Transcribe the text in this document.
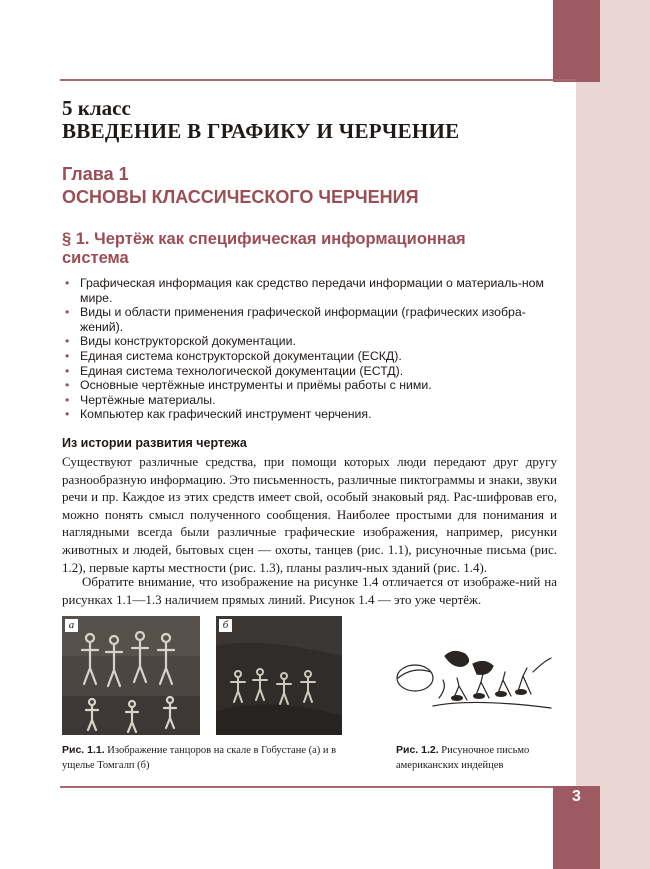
5 класс
ВВЕДЕНИЕ В ГРАФИКУ И ЧЕРЧЕНИЕ
Глава 1
ОСНОВЫ КЛАССИЧЕСКОГО ЧЕРЧЕНИЯ
§ 1. Чертёж как специфическая информационная система
• Графическая информация как средство передачи информации о материаль-ном мире.
• Виды и области применения графической информации (графических изобра-жений).
• Виды конструкторской документации.
• Единая система конструкторской документации (ЕСКД).
• Единая система технологической документации (ЕСТД).
• Основные чертёжные инструменты и приёмы работы с ними.
• Чертёжные материалы.
• Компьютер как графический инструмент черчения.
Из истории развития чертежа

Существуют различные средства, при помощи которых люди передают друг другу разнообразную информацию. Это письменность, различные пиктограммы и знаки, звуки речи и пр. Каждое из этих средств имеет свой, особый знаковый ряд. Рас-шифровав его, можно понять смысл полученного сообщения. Наиболее простыми для понимания и наглядными всегда были различные графические изображения, например, рисунки животных и людей, бытовых сцен — охоты, танцев (рис. 1.1), рисуночные письма (рис. 1.2), первые карты местности (рис. 1.3), планы различ-ных зданий (рис. 1.4).

Обратите внимание, что изображение на рисунке 1.4 отличается от изображе-ний на рисунках 1.1—1.3 наличием прямых линий. Рисунок 1.4 — это уже чертёж.

а	б
Рис. 1.1. Изображение танцоров на скале в Гобустане (а) и в ущелье Томгалп (б)
Рис. 1.2. Рисуночное письмо американских индейцев
3
